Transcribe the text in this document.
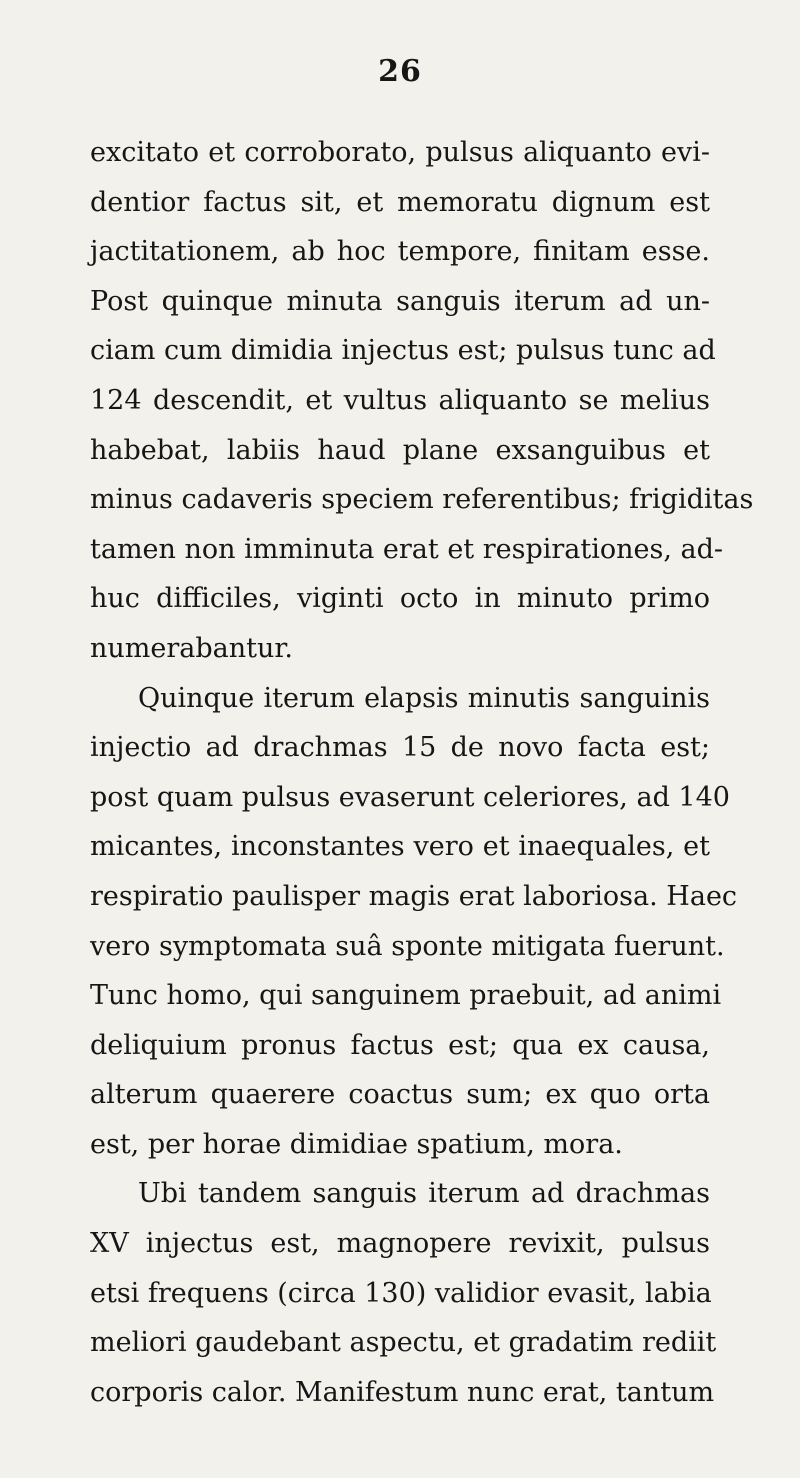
26
excitato et corroborato, pulsus aliquanto evi-
dentior factus sit, et memoratu dignum est
jactitationem, ab hoc tempore, finitam esse.
Post quinque minuta sanguis iterum ad un-
ciam cum dimidia injectus est; pulsus tunc ad
124 descendit, et vultus aliquanto se melius
habebat, labiis haud plane exsanguibus et
minus cadaveris speciem referentibus; frigiditas
tamen non imminuta erat et respirationes, ad-
huc difficiles, viginti octo in minuto primo
numerabantur.
Quinque iterum elapsis minutis sanguinis
injectio ad drachmas 15 de novo facta est;
post quam pulsus evaserunt celeriores, ad 140
micantes, inconstantes vero et inaequales, et
respiratio paulisper magis erat laboriosa. Haec
vero symptomata suâ sponte mitigata fuerunt.
Tunc homo, qui sanguinem praebuit, ad animi
deliquium pronus factus est; qua ex causa,
alterum quaerere coactus sum; ex quo orta
est, per horae dimidiae spatium, mora.
Ubi tandem sanguis iterum ad drachmas
XV injectus est, magnopere revixit, pulsus
etsi frequens (circa 130) validior evasit, labia
meliori gaudebant aspectu, et gradatim rediit
corporis calor. Manifestum nunc erat, tantum
